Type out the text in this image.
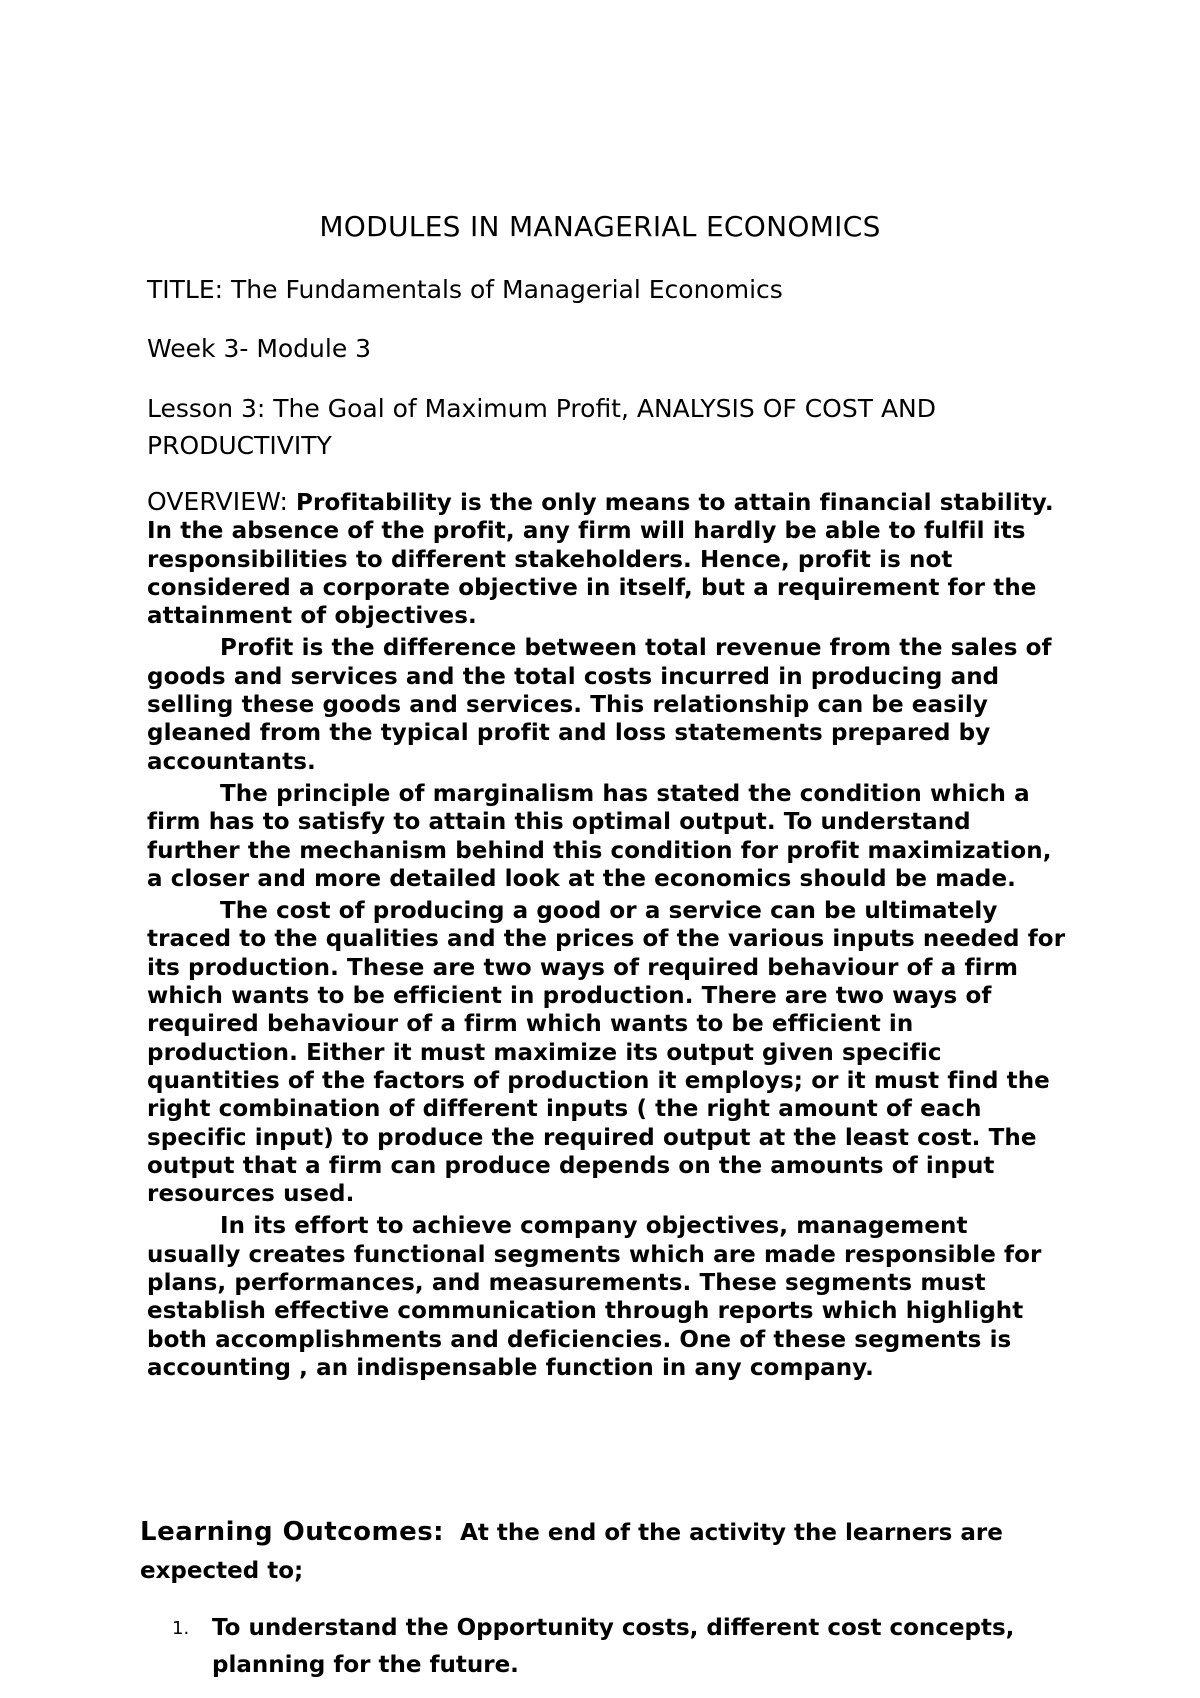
MODULES IN MANAGERIAL ECONOMICS
TITLE: The Fundamentals of Managerial Economics
Week 3- Module 3
Lesson 3: The Goal of Maximum Profit, ANALYSIS OF COST AND PRODUCTIVITY

OVERVIEW: Profitability is the only means to attain financial stability. In the absence of the profit, any firm will hardly be able to fulfil its responsibilities to different stakeholders. Hence, profit is not considered a corporate objective in itself, but a requirement for the attainment of objectives.

Profit is the difference between total revenue from the sales of goods and services and the total costs incurred in producing and selling these goods and services. This relationship can be easily gleaned from the typical profit and loss statements prepared by accountants.

The principle of marginalism has stated the condition which a firm has to satisfy to attain this optimal output. To understand further the mechanism behind this condition for profit maximization, a closer and more detailed look at the economics should be made.

The cost of producing a good or a service can be ultimately traced to the qualities and the prices of the various inputs needed for its production. These are two ways of required behaviour of a firm which wants to be efficient in production. There are two ways of required behaviour of a firm which wants to be efficient in production. Either it must maximize its output given specific quantities of the factors of production it employs; or it must find the right combination of different inputs ( the right amount of each specific input) to produce the required output at the least cost. The output that a firm can produce depends on the amounts of input resources used.

In its effort to achieve company objectives, management usually creates functional segments which are made responsible for plans, performances, and measurements. These segments must establish effective communication through reports which highlight both accomplishments and deficiencies. One of these segments is accounting , an indispensable function in any company.

Learning Outcomes: At the end of the activity the learners are expected to;
1. To understand the Opportunity costs, different cost concepts, planning for the future.
